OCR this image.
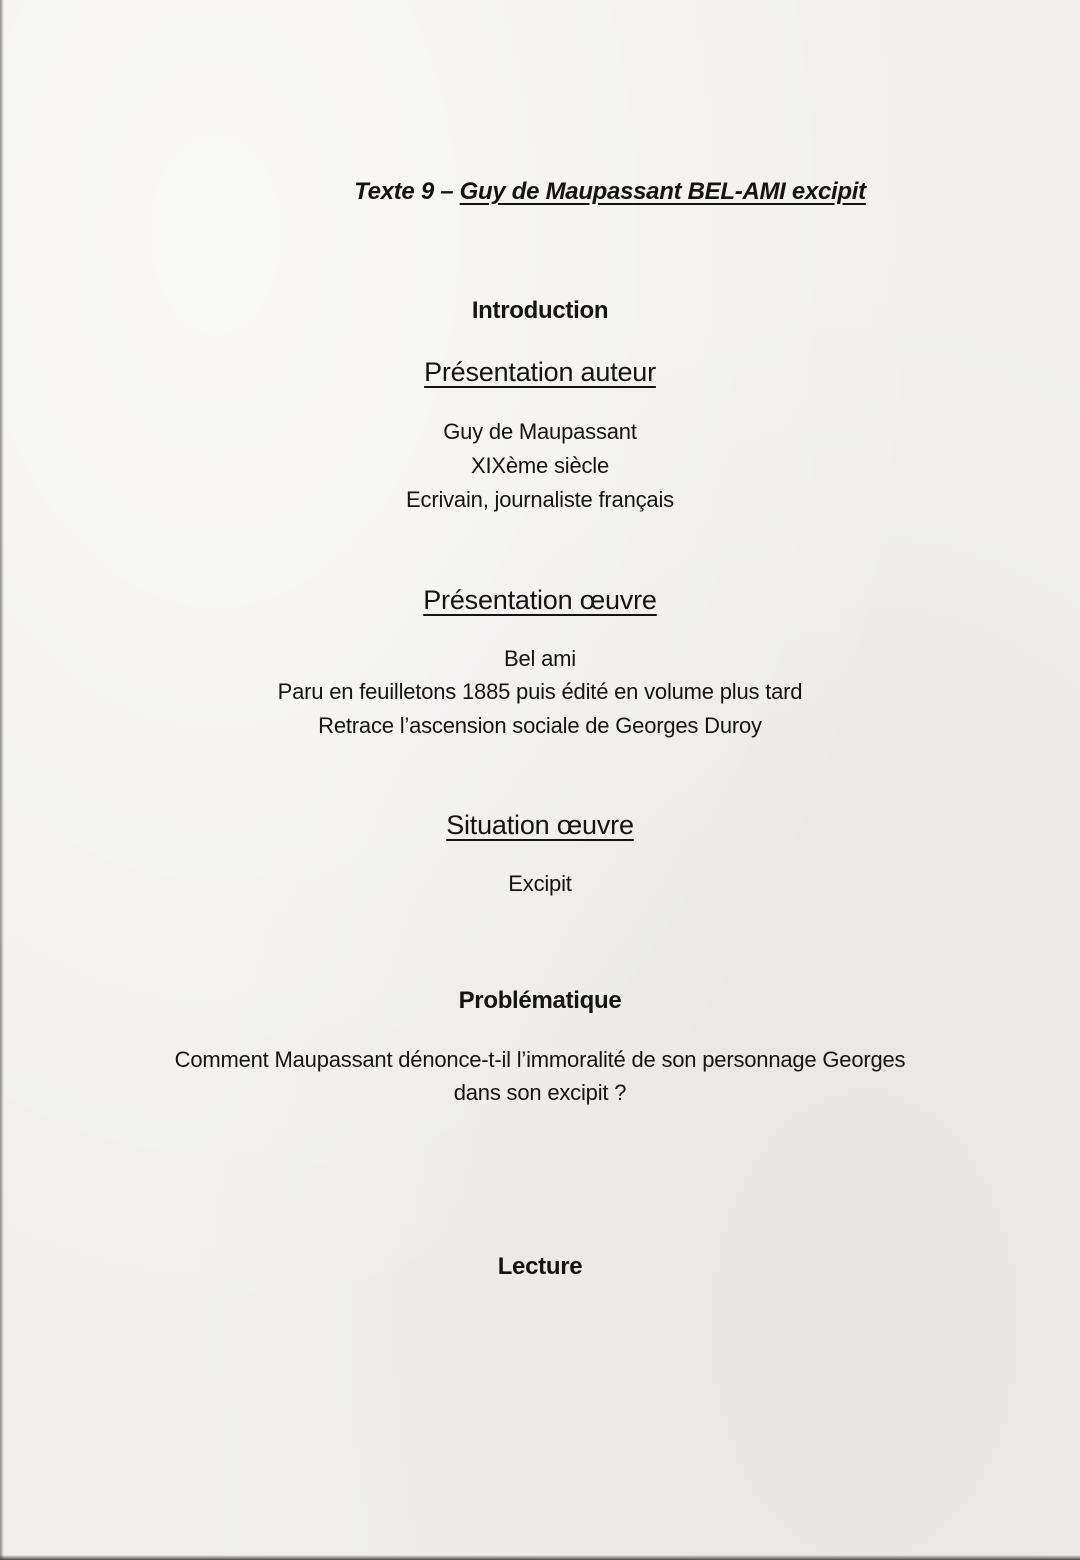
Texte 9 – Guy de Maupassant BEL-AMI excipit
Introduction
Présentation auteur
Guy de Maupassant
XIXème siècle
Ecrivain, journaliste français
Présentation œuvre
Bel ami
Paru en feuilletons 1885 puis édité en volume plus tard
Retrace l’ascension sociale de Georges Duroy
Situation œuvre
Excipit
Problématique
Comment Maupassant dénonce-t-il l’immoralité de son personnage Georges
dans son excipit ?
Lecture
